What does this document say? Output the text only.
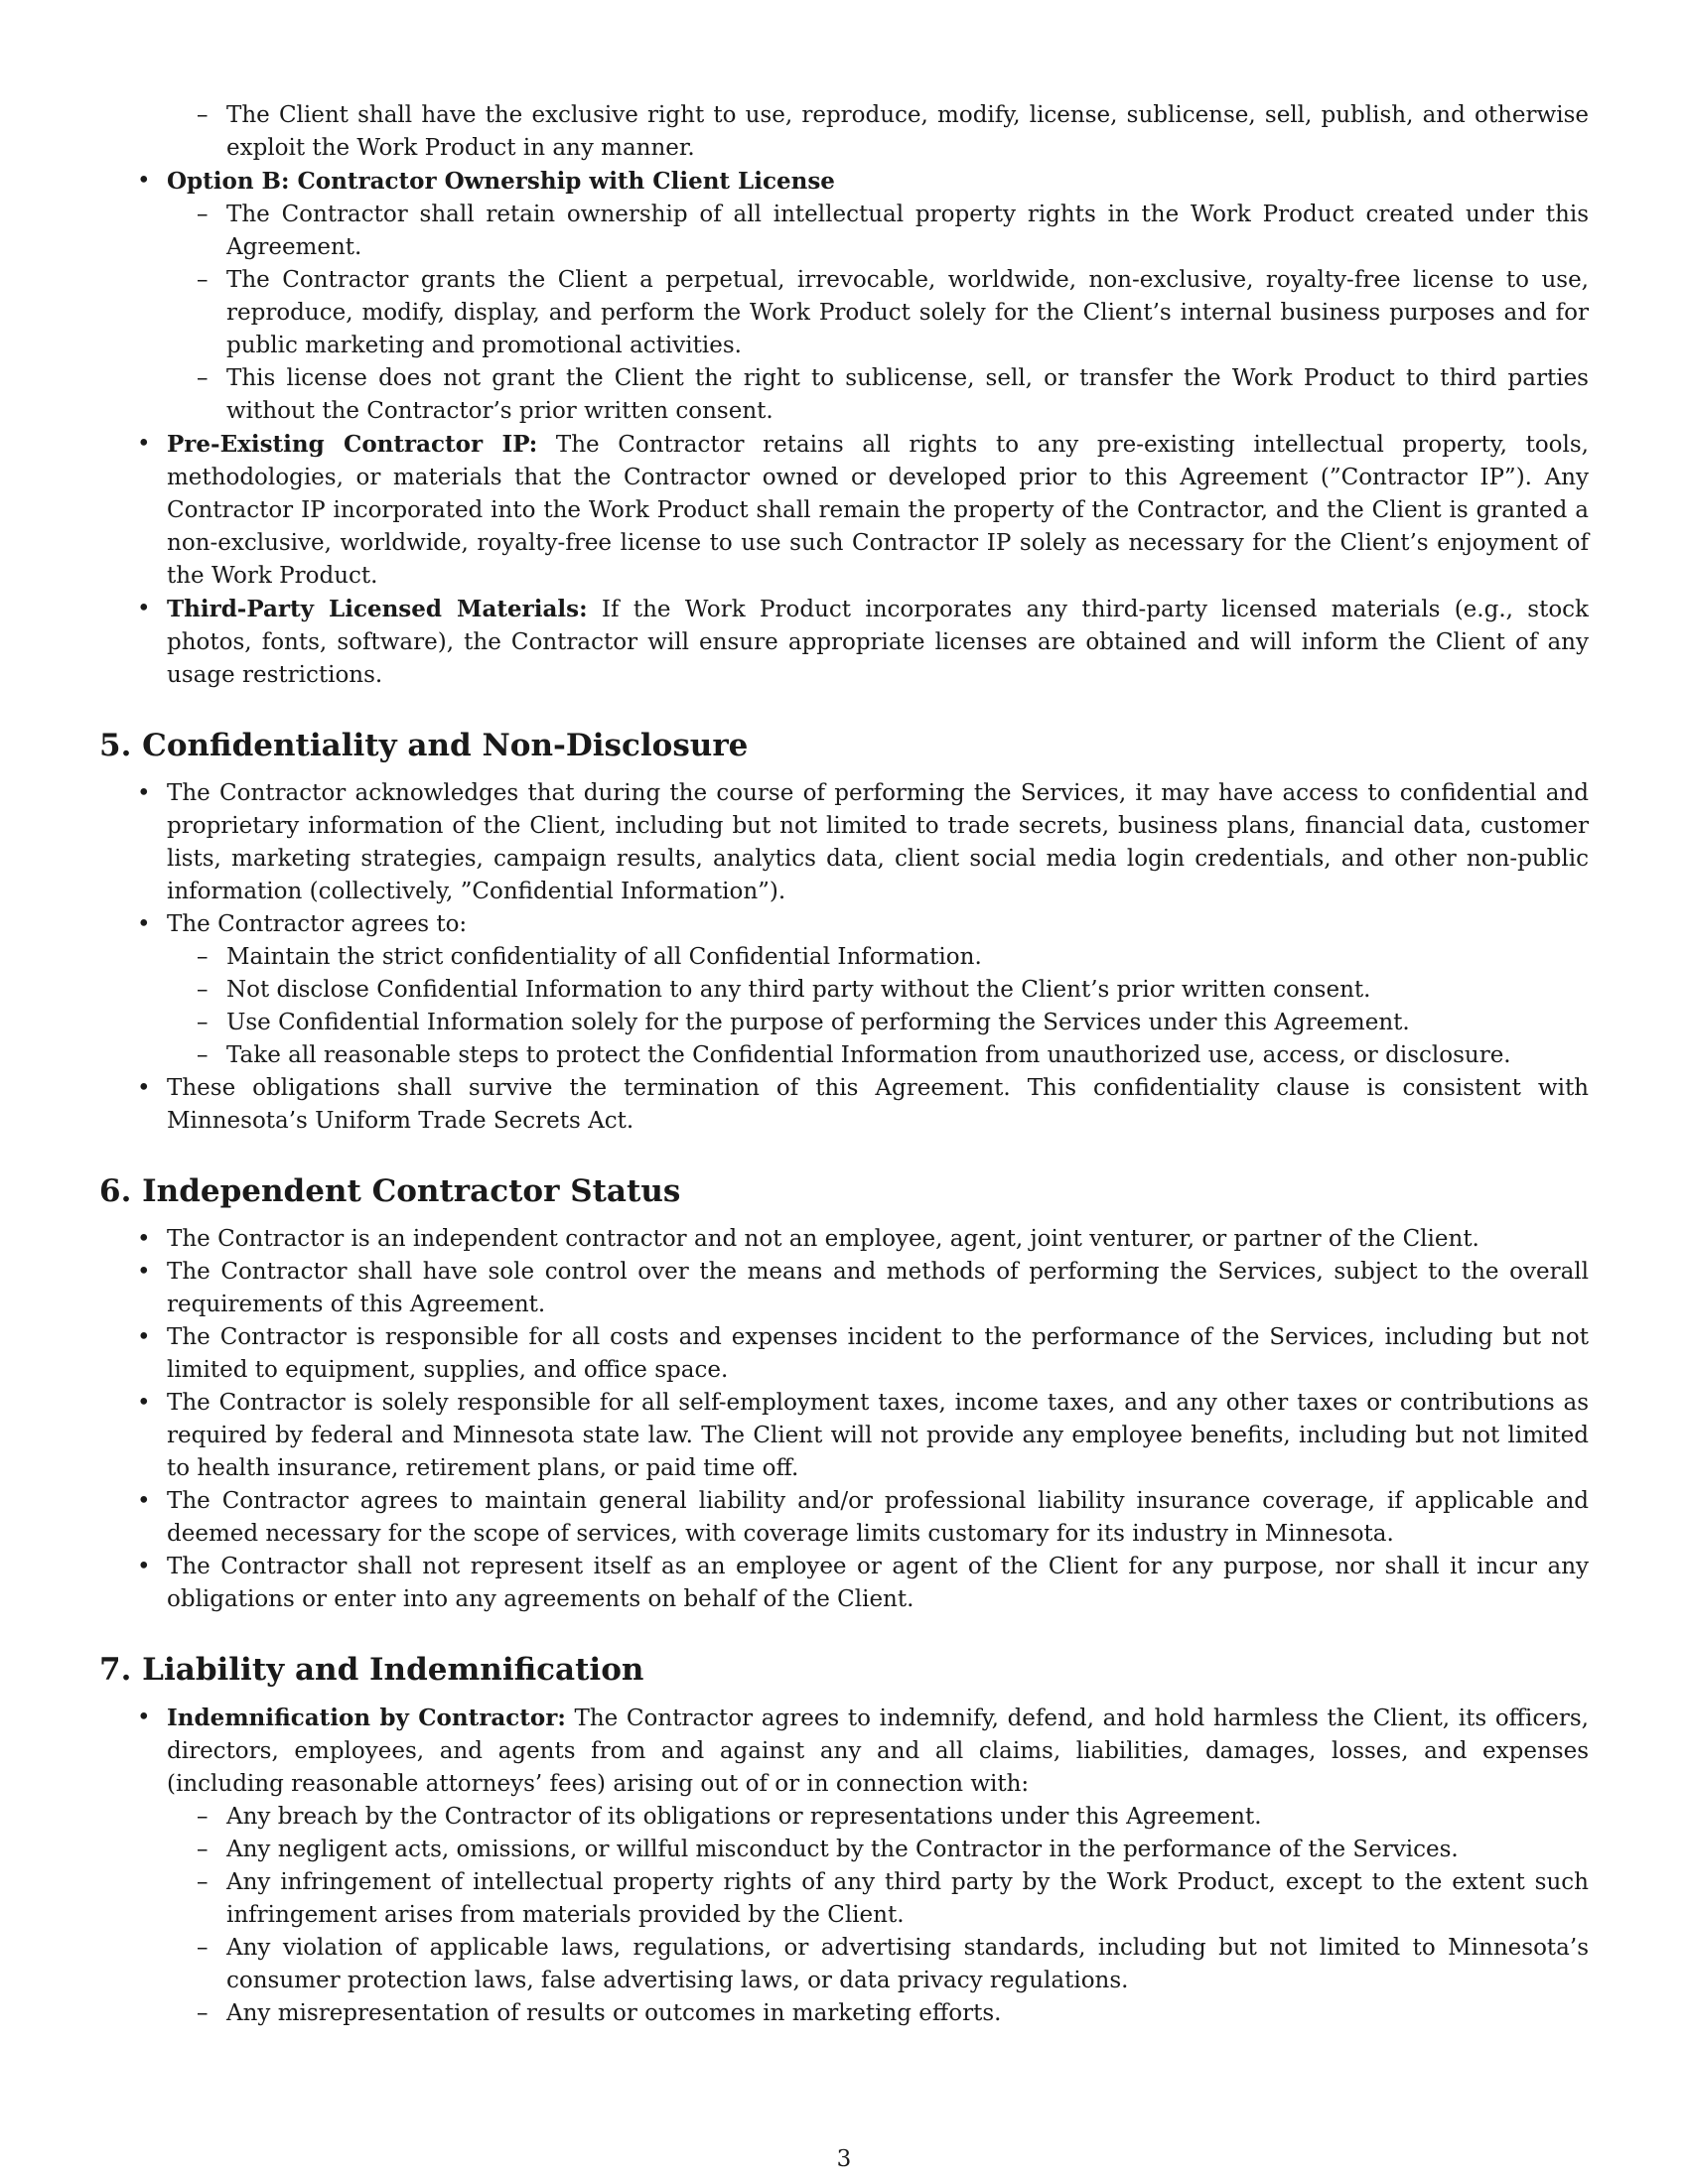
– The Client shall have the exclusive right to use, reproduce, modify, license, sublicense, sell, publish, and otherwise exploit the Work Product in any manner.
• Option B: Contractor Ownership with Client License
– The Contractor shall retain ownership of all intellectual property rights in the Work Product created under this Agreement.
– The Contractor grants the Client a perpetual, irrevocable, worldwide, non-exclusive, royalty-free license to use, reproduce, modify, display, and perform the Work Product solely for the Client’s internal business purposes and for public marketing and promotional activities.
– This license does not grant the Client the right to sublicense, sell, or transfer the Work Product to third parties without the Contractor’s prior written consent.
• Pre-Existing Contractor IP: The Contractor retains all rights to any pre-existing intellectual property, tools, methodologies, or materials that the Contractor owned or developed prior to this Agreement (”Contractor IP”). Any Contractor IP incorporated into the Work Product shall remain the property of the Contractor, and the Client is granted a non-exclusive, worldwide, royalty-free license to use such Contractor IP solely as necessary for the Client’s enjoyment of the Work Product.
• Third-Party Licensed Materials: If the Work Product incorporates any third-party licensed materials (e.g., stock photos, fonts, software), the Contractor will ensure appropriate licenses are obtained and will inform the Client of any usage restrictions.
5. Confidentiality and Non-Disclosure
• The Contractor acknowledges that during the course of performing the Services, it may have access to confidential and proprietary information of the Client, including but not limited to trade secrets, business plans, financial data, customer lists, marketing strategies, campaign results, analytics data, client social media login credentials, and other non-public information (collectively, ”Confidential Information”).
• The Contractor agrees to:
– Maintain the strict confidentiality of all Confidential Information.
– Not disclose Confidential Information to any third party without the Client’s prior written consent.
– Use Confidential Information solely for the purpose of performing the Services under this Agreement.
– Take all reasonable steps to protect the Confidential Information from unauthorized use, access, or disclosure.
• These obligations shall survive the termination of this Agreement. This confidentiality clause is consistent with Minnesota’s Uniform Trade Secrets Act.
6. Independent Contractor Status
• The Contractor is an independent contractor and not an employee, agent, joint venturer, or partner of the Client.
• The Contractor shall have sole control over the means and methods of performing the Services, subject to the overall requirements of this Agreement.
• The Contractor is responsible for all costs and expenses incident to the performance of the Services, including but not limited to equipment, supplies, and office space.
• The Contractor is solely responsible for all self-employment taxes, income taxes, and any other taxes or contributions as required by federal and Minnesota state law. The Client will not provide any employee benefits, including but not limited to health insurance, retirement plans, or paid time off.
• The Contractor agrees to maintain general liability and/or professional liability insurance coverage, if applicable and deemed necessary for the scope of services, with coverage limits customary for its industry in Minnesota.
• The Contractor shall not represent itself as an employee or agent of the Client for any purpose, nor shall it incur any obligations or enter into any agreements on behalf of the Client.
7. Liability and Indemnification
• Indemnification by Contractor: The Contractor agrees to indemnify, defend, and hold harmless the Client, its officers, directors, employees, and agents from and against any and all claims, liabilities, damages, losses, and expenses (including reasonable attorneys’ fees) arising out of or in connection with:
– Any breach by the Contractor of its obligations or representations under this Agreement.
– Any negligent acts, omissions, or willful misconduct by the Contractor in the performance of the Services.
– Any infringement of intellectual property rights of any third party by the Work Product, except to the extent such infringement arises from materials provided by the Client.
– Any violation of applicable laws, regulations, or advertising standards, including but not limited to Minnesota’s consumer protection laws, false advertising laws, or data privacy regulations.
– Any misrepresentation of results or outcomes in marketing efforts.
3
